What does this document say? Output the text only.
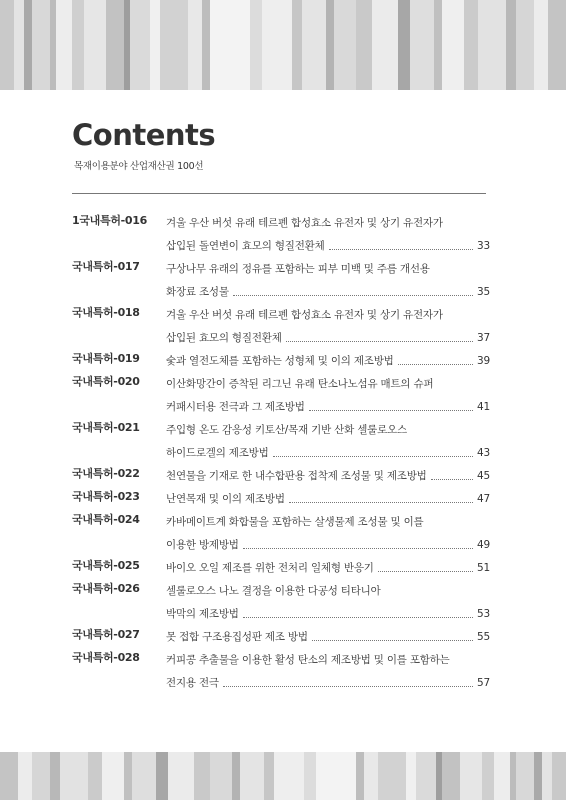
Contents
목재이용분야 산업재산권 100선
1국내특허-016 겨울 우산 버섯 유래 테르펜 합성효소 유전자 및 상기 유전자가
삽입된 돌연변이 효모의 형질전환체	33
국내특허-017	구상나무 유래의 정유를 포함하는 피부 미백 및 주름 개선용
화장료 조성물	35
국내특허-018	겨울 우산 버섯 유래 테르펜 합성효소 유전자 및 상기 유전자가
삽입된 효모의 형질전환체	37
국내특허-019	숯과 열전도체를 포함하는 성형체 및 이의 제조방법	39
국내특허-020	이산화망간이 증착된 리그닌 유래 탄소나노섬유 매트의 슈퍼
커패시터용 전극과 그 제조방법	41
국내특허-021	주입형 온도 감응성 키토산/목재 기반 산화 셀룰로오스
하이드로겔의 제조방법	43
국내특허-022	천연물을 기재로 한 내수합판용 접착제 조성물 및 제조방법	45
국내특허-023	난연목재 및 이의 제조방법	47
국내특허-024	카바메이트계 화합물을 포함하는 살생물제 조성물 및 이를
이용한 방제방법	49
국내특허-025	바이오 오일 제조를 위한 전처리 일체형 반응기	51
국내특허-026	셀룰로오스 나노 결정을 이용한 다공성 티타니아
박막의 제조방법	53
국내특허-027	못 접합 구조용집성판 제조 방법	55
국내특허-028	커피콩 추출물을 이용한 활성 탄소의 제조방법 및 이를 포함하는
전지용 전극	57
